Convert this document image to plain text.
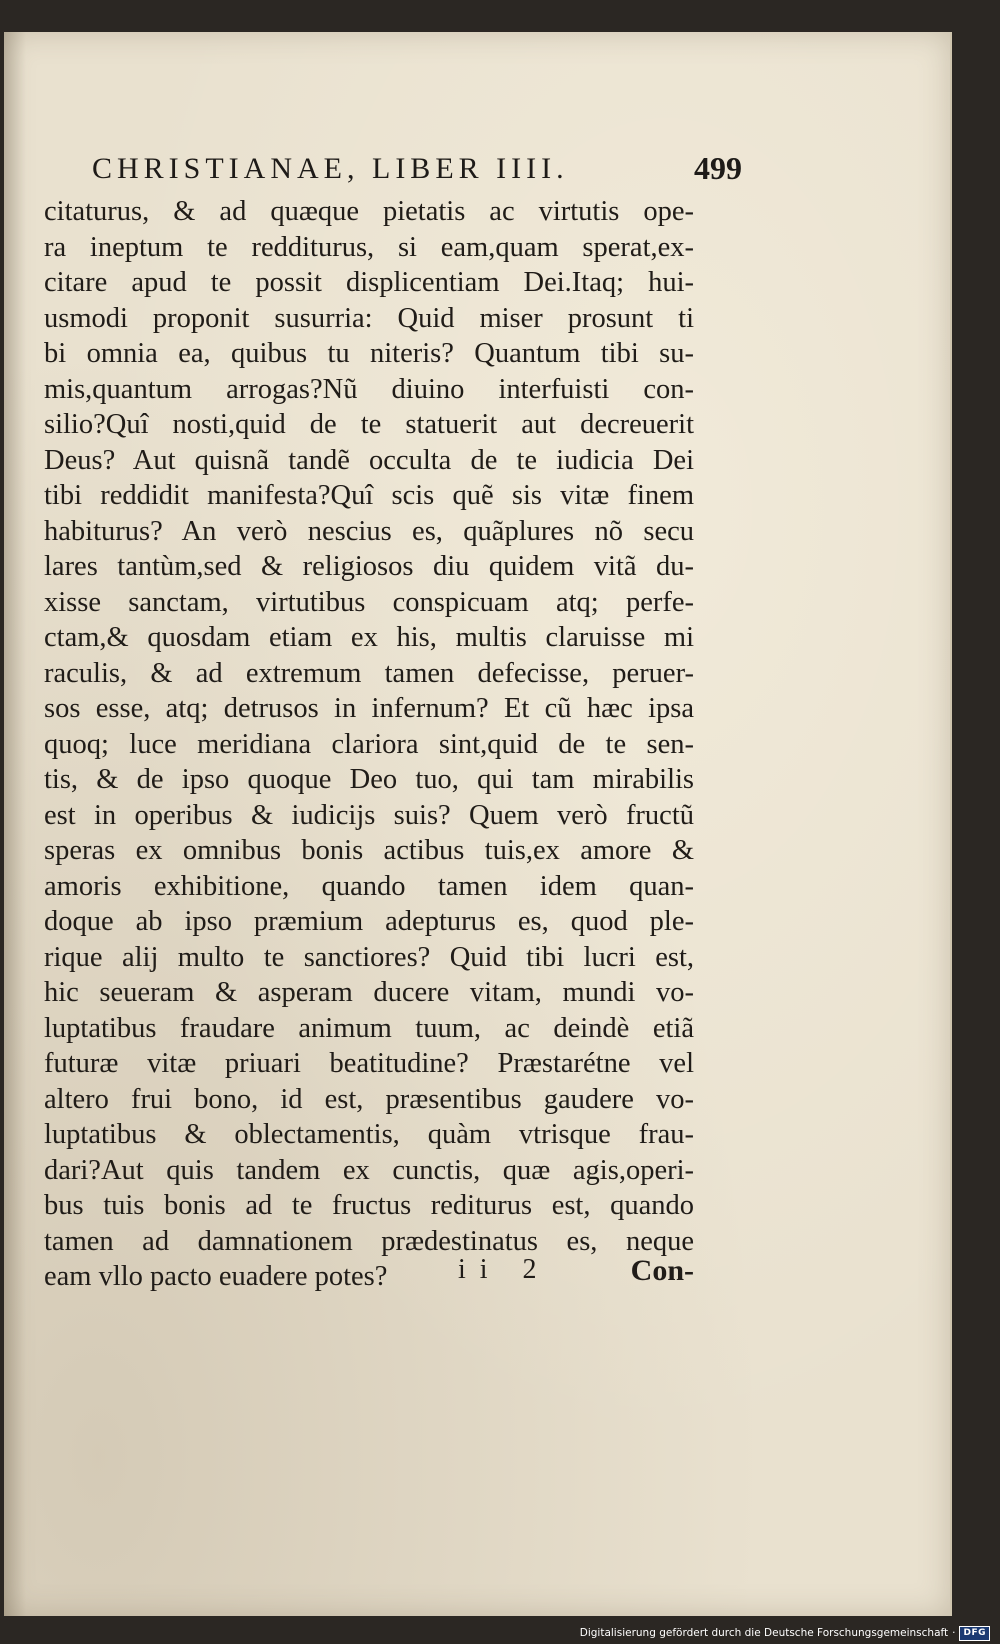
CHRISTIANAE, LIBER IIII.	499
citaturus, & ad quæque pietatis ac virtutis ope-
ra ineptum te redditurus, si eam,quam sperat,ex-
citare apud te possit displicentiam Dei.Itaq; hui-
usmodi proponit susurria: Quid miser prosunt ti
bi omnia ea, quibus tu niteris? Quantum tibi su-
mis,quantum arrogas?Nũ diuino interfuisti con-
silio?Quî nosti,quid de te statuerit aut decreuerit
Deus? Aut quisnã tandẽ occulta de te iudicia Dei
tibi reddidit manifesta?Quî scis quẽ sis vitæ finem
habiturus? An verò nescius es, quãplures nõ secu
lares tantùm,sed & religiosos diu quidem vitã du-
xisse sanctam, virtutibus conspicuam atq; perfe-
ctam,& quosdam etiam ex his, multis claruisse mi
raculis, & ad extremum tamen defecisse, peruer-
sos esse, atq; detrusos in infernum? Et cũ hæc ipsa
quoq; luce meridiana clariora sint,quid de te sen-
tis, & de ipso quoque Deo tuo, qui tam mirabilis
est in operibus & iudicijs suis? Quem verò fructũ
speras ex omnibus bonis actibus tuis,ex amore &
amoris exhibitione, quando tamen idem quan-
doque ab ipso præmium adepturus es, quod ple-
rique alij multo te sanctiores? Quid tibi lucri est,
hic seueram & asperam ducere vitam, mundi vo-
luptatibus fraudare animum tuum, ac deindè etiã
futuræ vitæ priuari beatitudine? Præstarétne vel
altero frui bono, id est, præsentibus gaudere vo-
luptatibus & oblectamentis, quàm vtrisque frau-
dari?Aut quis tandem ex cunctis, quæ agis,operi-
bus tuis bonis ad te fructus rediturus est, quando
tamen ad damnationem prædestinatus es, neque
eam vllo pacto euadere potes?	ii 2	Con-
Digitalisierung gefördert durch die Deutsche Forschungsgemeinschaft · DFG
